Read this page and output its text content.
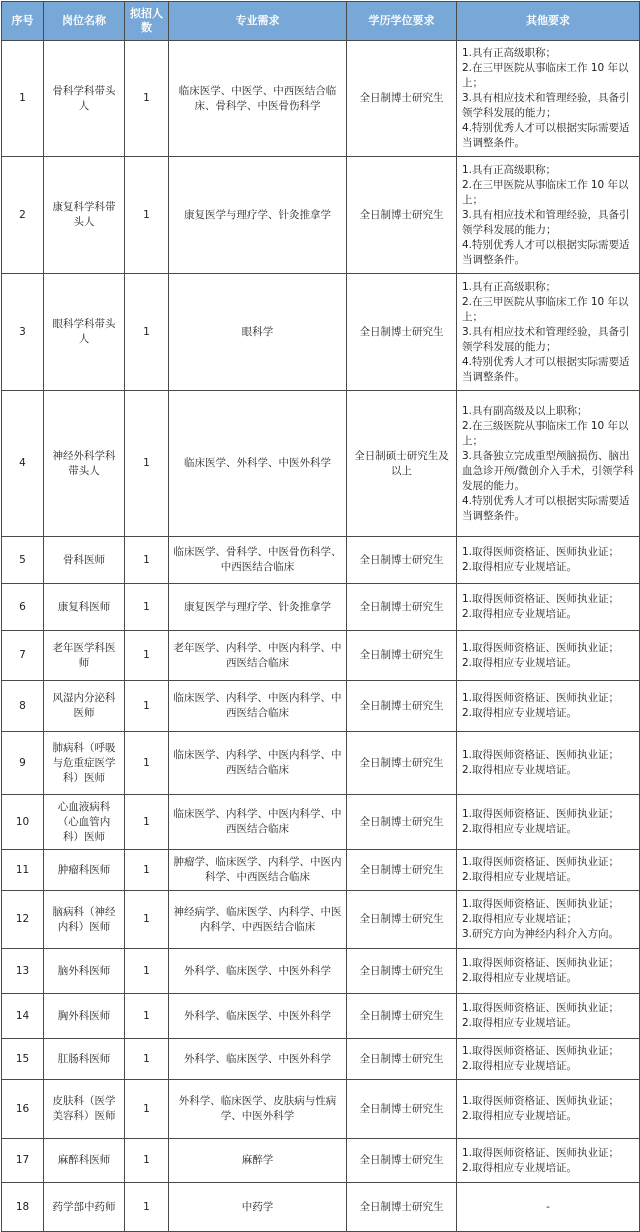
序号	岗位名称	拟招人数	专业需求	学历学位要求	其他要求
1	骨科学科带头人	1	临床医学、中医学、中西医结合临床、骨科学、中医骨伤科学	全日制博士研究生	1.具有正高级职称；
2.在三甲医院从事临床工作 10 年以上；
3.具有相应技术和管理经验，具备引领学科发展的能力；
4.特别优秀人才可以根据实际需要适当调整条件。

2	康复科学科带头人	1	康复医学与理疗学、针灸推拿学	全日制博士研究生	1.具有正高级职称；
2.在三甲医院从事临床工作 10 年以上；
3.具有相应技术和管理经验，具备引领学科发展的能力；
4.特别优秀人才可以根据实际需要适当调整条件。

3	眼科学科带头人	1	眼科学	全日制博士研究生	1.具有正高级职称；
2.在三甲医院从事临床工作 10 年以上；
3.具有相应技术和管理经验，具备引领学科发展的能力；
4.特别优秀人才可以根据实际需要适当调整条件。

4	神经外科学科带头人	1	临床医学、外科学、中医外科学	全日制硕士研究生及以上	1.具有副高级及以上职称；
2.在三级医院从事临床工作 10 年以上；
3.具备独立完成重型颅脑损伤、脑出血急诊开颅/微创介入手术，引领学科发展的能力。
4.特别优秀人才可以根据实际需要适当调整条件。

5	骨科医师	1	临床医学、骨科学、中医骨伤科学、中西医结合临床	全日制博士研究生	1.取得医师资格证、医师执业证；
2.取得相应专业规培证。

6	康复科医师	1	康复医学与理疗学、针灸推拿学	全日制博士研究生	1.取得医师资格证、医师执业证；
2.取得相应专业规培证。

7	老年医学科医师	1	老年医学、内科学、中医内科学、中西医结合临床	全日制博士研究生	1.取得医师资格证、医师执业证；
2.取得相应专业规培证。

8	风湿内分泌科医师	1	临床医学、内科学、中医内科学、中西医结合临床	全日制博士研究生	1.取得医师资格证、医师执业证；
2.取得相应专业规培证。

9	肺病科（呼吸与危重症医学科）医师	1	临床医学、内科学、中医内科学、中西医结合临床	全日制博士研究生	1.取得医师资格证、医师执业证；
2.取得相应专业规培证。

10	心血液病科（心血管内科）医师	1	临床医学、内科学、中医内科学、中西医结合临床	全日制博士研究生	1.取得医师资格证、医师执业证；
2.取得相应专业规培证。

11	肿瘤科医师	1	肿瘤学、临床医学、内科学、中医内科学、中西医结合临床	全日制博士研究生	1.取得医师资格证、医师执业证；
2.取得相应专业规培证。

12	脑病科（神经内科）医师	1	神经病学、临床医学、内科学、中医内科学、中西医结合临床	全日制博士研究生	1.取得医师资格证、医师执业证；
2.取得相应专业规培证；
3.研究方向为神经内科介入方向。

13	脑外科医师	1	外科学、临床医学、中医外科学	全日制博士研究生	1.取得医师资格证、医师执业证；
2.取得相应专业规培证。

14	胸外科医师	1	外科学、临床医学、中医外科学	全日制博士研究生	1.取得医师资格证、医师执业证；
2.取得相应专业规培证。

15	肛肠科医师	1	外科学、临床医学、中医外科学	全日制博士研究生	1.取得医师资格证、医师执业证；
2.取得相应专业规培证。

16	皮肤科（医学美容科）医师	1	外科学、临床医学、皮肤病与性病学、中医外科学	全日制博士研究生	1.取得医师资格证、医师执业证；
2.取得相应专业规培证。

17	麻醉科医师	1	麻醉学	全日制博士研究生	1.取得医师资格证、医师执业证；
2.取得相应专业规培证。

18	药学部中药师	1	中药学	全日制博士研究生	-
